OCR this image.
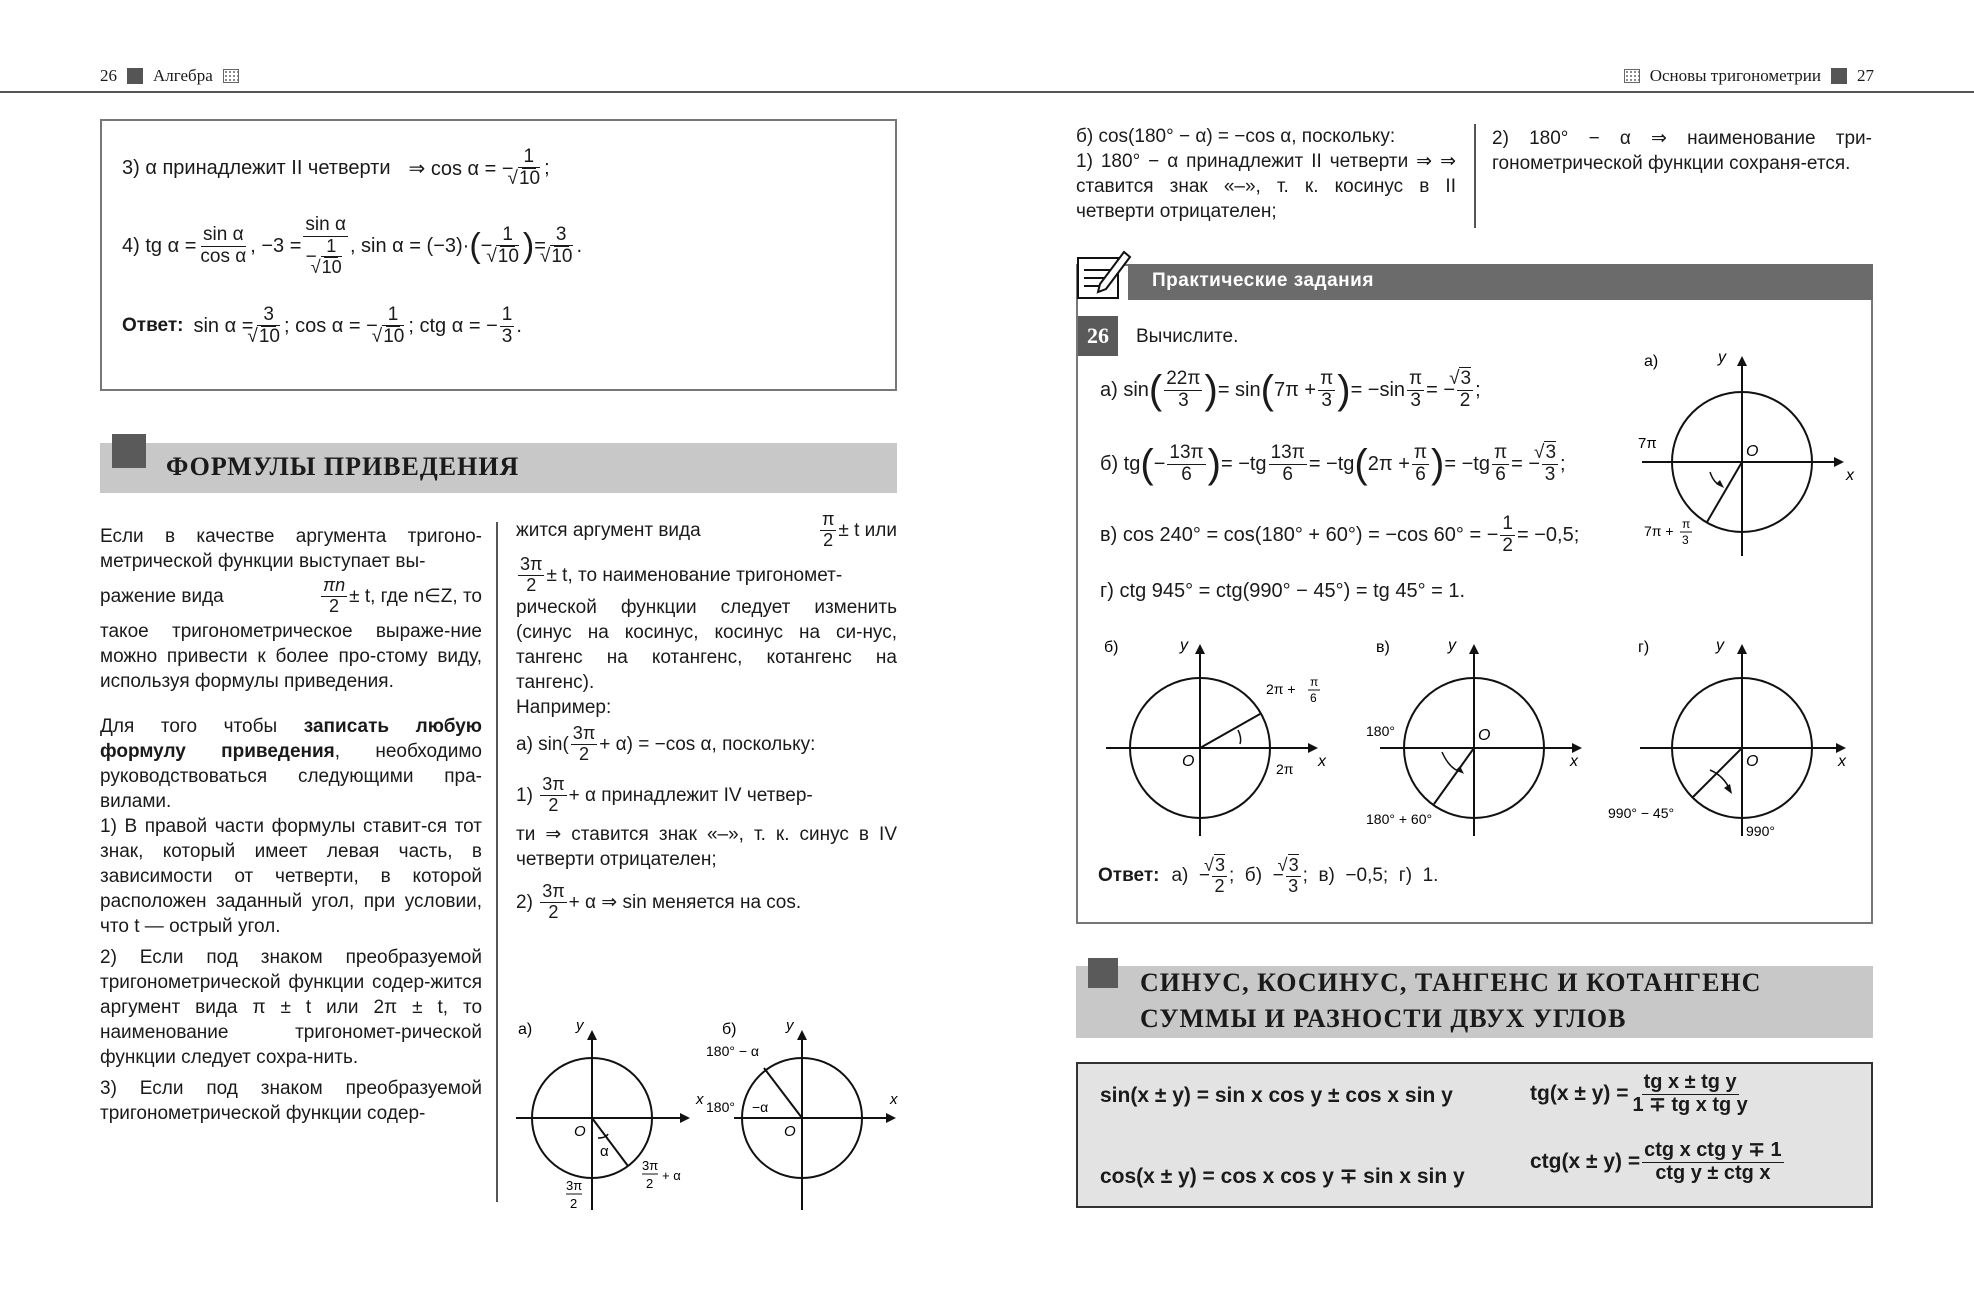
26 Алгебра	Основы тригонометрии 27
3) α принадлежит II четверти ⇒ cos α = − 1
√ 10 ;
4) tg $\alpha = \frac{\text{sin α}}{\text{cos α}}$ , −3 = sin α
− 1
√ 10 , sin α = (−3)· ( − 1
√ 10 ) = 3
√ 10 .
Ответ: sin α = 3
√ 10 ; cos α = − 1
√ 10 ; ctg α = − $\frac{1}{3}$ .
ФОРМУЛЫ ПРИВЕДЕНИЯ
Если в качестве аргумента тригоно-метрической функции выступает вы-
ражение вида	$\frac{\pi n}{2} \pm t$, где n∈Z, то
такое тригонометрическое выраже-ние можно привести к более про-стому виду, используя формулы приведения.
Для того чтобы записать любую формулу приведения, необходимо руководствоваться следующими пра-вилами.
1) В правой части формулы ставит-ся тот знак, который имеет левая часть, в зависимости от четверти, в которой расположен заданный угол, при условии, что t — острый угол.
2) Если под знаком преобразуемой тригонометрической функции содер-жится аргумент вида π ± t или 2π ± t, то наименование тригономет-рической функции следует сохра-нить.
3) Если под знаком преобразуемой тригонометрической функции содер-
жится аргумент вида	$\frac{\pi}{2} \pm t$ или
$\frac{3\pi}{2} \pm t$, то наименование тригономет-
рической функции следует изменить (синус на косинус, косинус на си-нус, тангенс на котангенс, котангенс на тангенс).
Например:
а) $\sin( \frac{3\pi}{2} + \alpha) = -\cos$ α, поскольку:
$1) \frac{3\pi}{2} + \alpha$ принадлежит IV четвер-
ти ⇒ ставится знак «–», т. к. синус в IV четверти отрицателен;
$2) \frac{3\pi}{2} + \alpha$ ⇒ sin меняется на cos.
а)
x
y
O
α
3π
2
3π
2
+ α
б)
x
y
O
180° − α
180° −α
б) cos(180° − α) = −cos α, поскольку:
1) 180° − α принадлежит II четверти ⇒ ⇒ ставится знак «–», т. к. косинус в II четверти отрицателен;
2) 180° − α ⇒ наименование три-гонометрической функции сохраня-ется.
Практические задания
26	Вычислите.
а) sin ( $\frac{22\pi}{3}$ ) = sin ( $7\pi + \frac{\pi}{3}$ ) = $-\sin \frac{\pi}{3}$ = − √ $\frac{3}{2}$ ;
б) tg ( − $\frac{13\pi}{6}$ ) = $-tg \frac{13\pi}{6} = -tg$ ( $2\pi + \frac{\pi}{6}$ ) = $-tg \frac{\pi}{6}$ = − √ $\frac{3}{3}$ ;
в) cos 240° = cos(180° + 60°) = −cos 60° = − $\frac{1}{2} = -0,5$;
г) ctg 945° = ctg(990° − 45°) = tg 45° = 1.
а)
x
y
O
7π
7π + π
3
б)
x
y
O
2π + π
6
2π
в)
x
y
O
180°
180° + 60°
г)
x
y
O
990° − 45°
990°
Ответ: а)  − √ $\frac{3}{2}$ ;  б)  − √ $\frac{3}{3}$ ;  в)  −0,5;  г)  1.
СИНУС, КОСИНУС, ТАНГЕНС И КОТАНГЕНС
СУММЫ И РАЗНОСТИ ДВУХ УГЛОВ
sin(x ± y) = sin x cos y ± cos x sin y
cos(x ± y) = cos x cos y ∓ sin x sin y
$tg(x \pm y) = \frac{\text{tg x ± tg y}}{\text{1 ∓ tg x tg y}}$
$ctg(x \pm y) = \frac{\text{ctg x ctg y ∓ 1}}{\text{ctg y ± ctg x}}$
